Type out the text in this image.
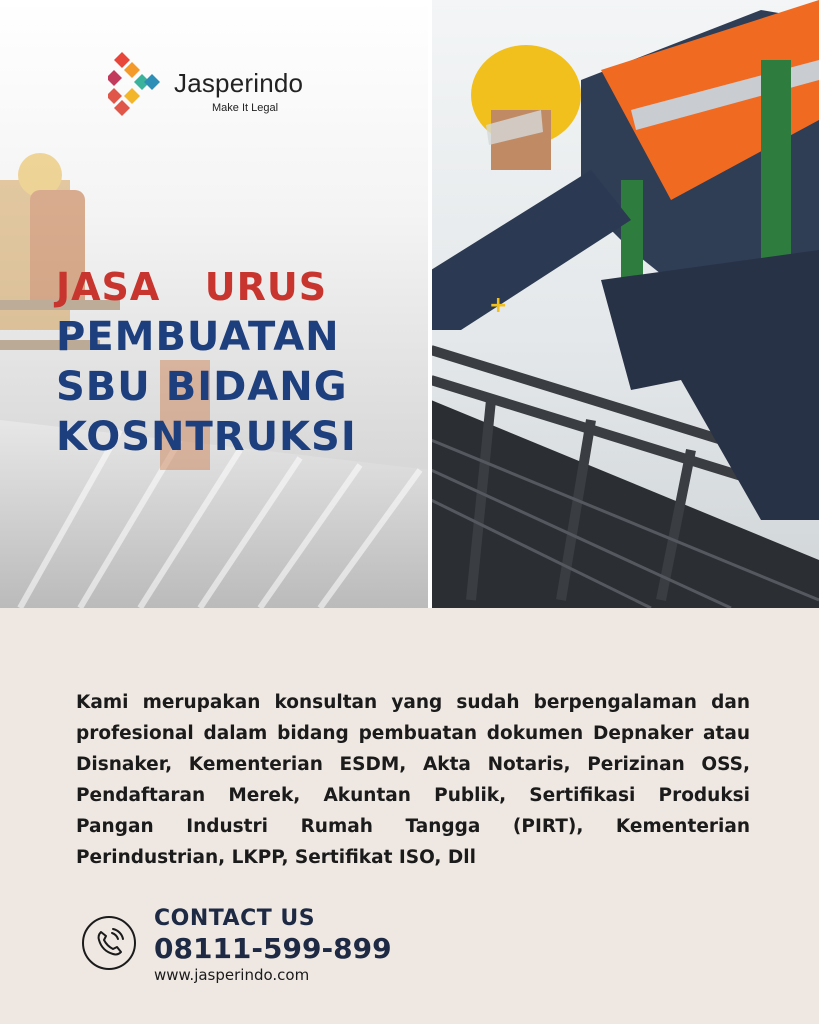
+
Jasperindo
Make It Legal

JASA  URUS

PEMBUATAN

SBU BIDANG

KOSNTRUKSI

Kami merupakan konsultan yang sudah berpengalaman dan profesional dalam bidang pembuatan dokumen Depnaker atau Disnaker, Kementerian ESDM, Akta Notaris, Perizinan OSS, Pendaftaran Merek, Akuntan Publik, Sertifikasi Produksi Pangan Industri Rumah Tangga (PIRT), Kementerian Perindustrian, LKPP, Sertifikat ISO, Dll

CONTACT US
08111-599-899
www.jasperindo.com
